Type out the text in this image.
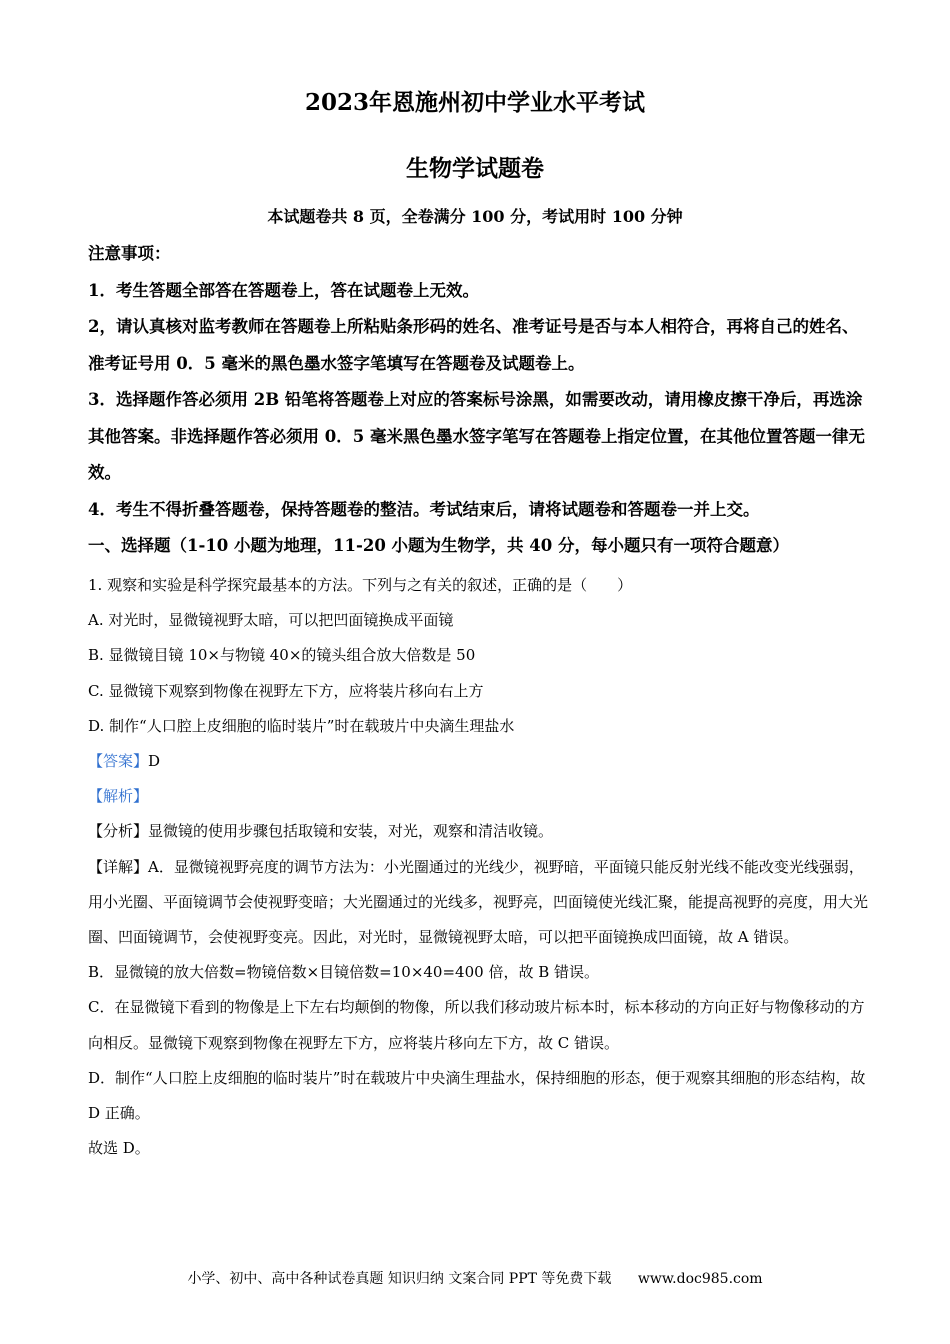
2023年恩施州初中学业水平考试
生物学试题卷
本试题卷共 8 页，全卷满分 100 分，考试用时 100 分钟

注意事项：

1．考生答题全部答在答题卷上，答在试题卷上无效。

2，请认真核对监考教师在答题卷上所粘贴条形码的姓名、准考证号是否与本人相符合，再将自己的姓名、准考证号用 0．5 毫米的黑色墨水签字笔填写在答题卷及试题卷上。

3．选择题作答必须用 2B 铅笔将答题卷上对应的答案标号涂黑，如需要改动，请用橡皮擦干净后，再选涂其他答案。非选择题作答必须用 0．5 毫米黑色墨水签字笔写在答题卷上指定位置，在其他位置答题一律无效。

4．考生不得折叠答题卷，保持答题卷的整洁。考试结束后，请将试题卷和答题卷一并上交。

一、选择题（1-10 小题为地理，11-20 小题为生物学，共 40 分，每小题只有一项符合题意）

1. 观察和实验是科学探究最基本的方法。下列与之有关的叙述，正确的是（　　）

A. 对光时，显微镜视野太暗，可以把凹面镜换成平面镜

B. 显微镜目镜 10×与物镜 40×的镜头组合放大倍数是 50

C. 显微镜下观察到物像在视野左下方，应将装片移向右上方

D. 制作“人口腔上皮细胞的临时装片”时在载玻片中央滴生理盐水

【答案】D

【解析】

【分析】显微镜的使用步骤包括取镜和安装，对光，观察和清洁收镜。

【详解】A．显微镜视野亮度的调节方法为：小光圈通过的光线少，视野暗，平面镜只能反射光线不能改变光线强弱，用小光圈、平面镜调节会使视野变暗；大光圈通过的光线多，视野亮，凹面镜使光线汇聚，能提高视野的亮度，用大光圈、凹面镜调节，会使视野变亮。因此，对光时，显微镜视野太暗，可以把平面镜换成凹面镜，故 A 错误。

B．显微镜的放大倍数=物镜倍数×目镜倍数=10×40=400 倍，故 B 错误。

C．在显微镜下看到的物像是上下左右均颠倒的物像，所以我们移动玻片标本时，标本移动的方向正好与物像移动的方向相反。显微镜下观察到物像在视野左下方，应将装片移向左下方，故 C 错误。

D．制作“人口腔上皮细胞的临时装片”时在载玻片中央滴生理盐水，保持细胞的形态，便于观察其细胞的形态结构，故 D 正确。

故选 D。

小学、初中、高中各种试卷真题 知识归纳 文案合同 PPT 等免费下载 www.doc985.com
